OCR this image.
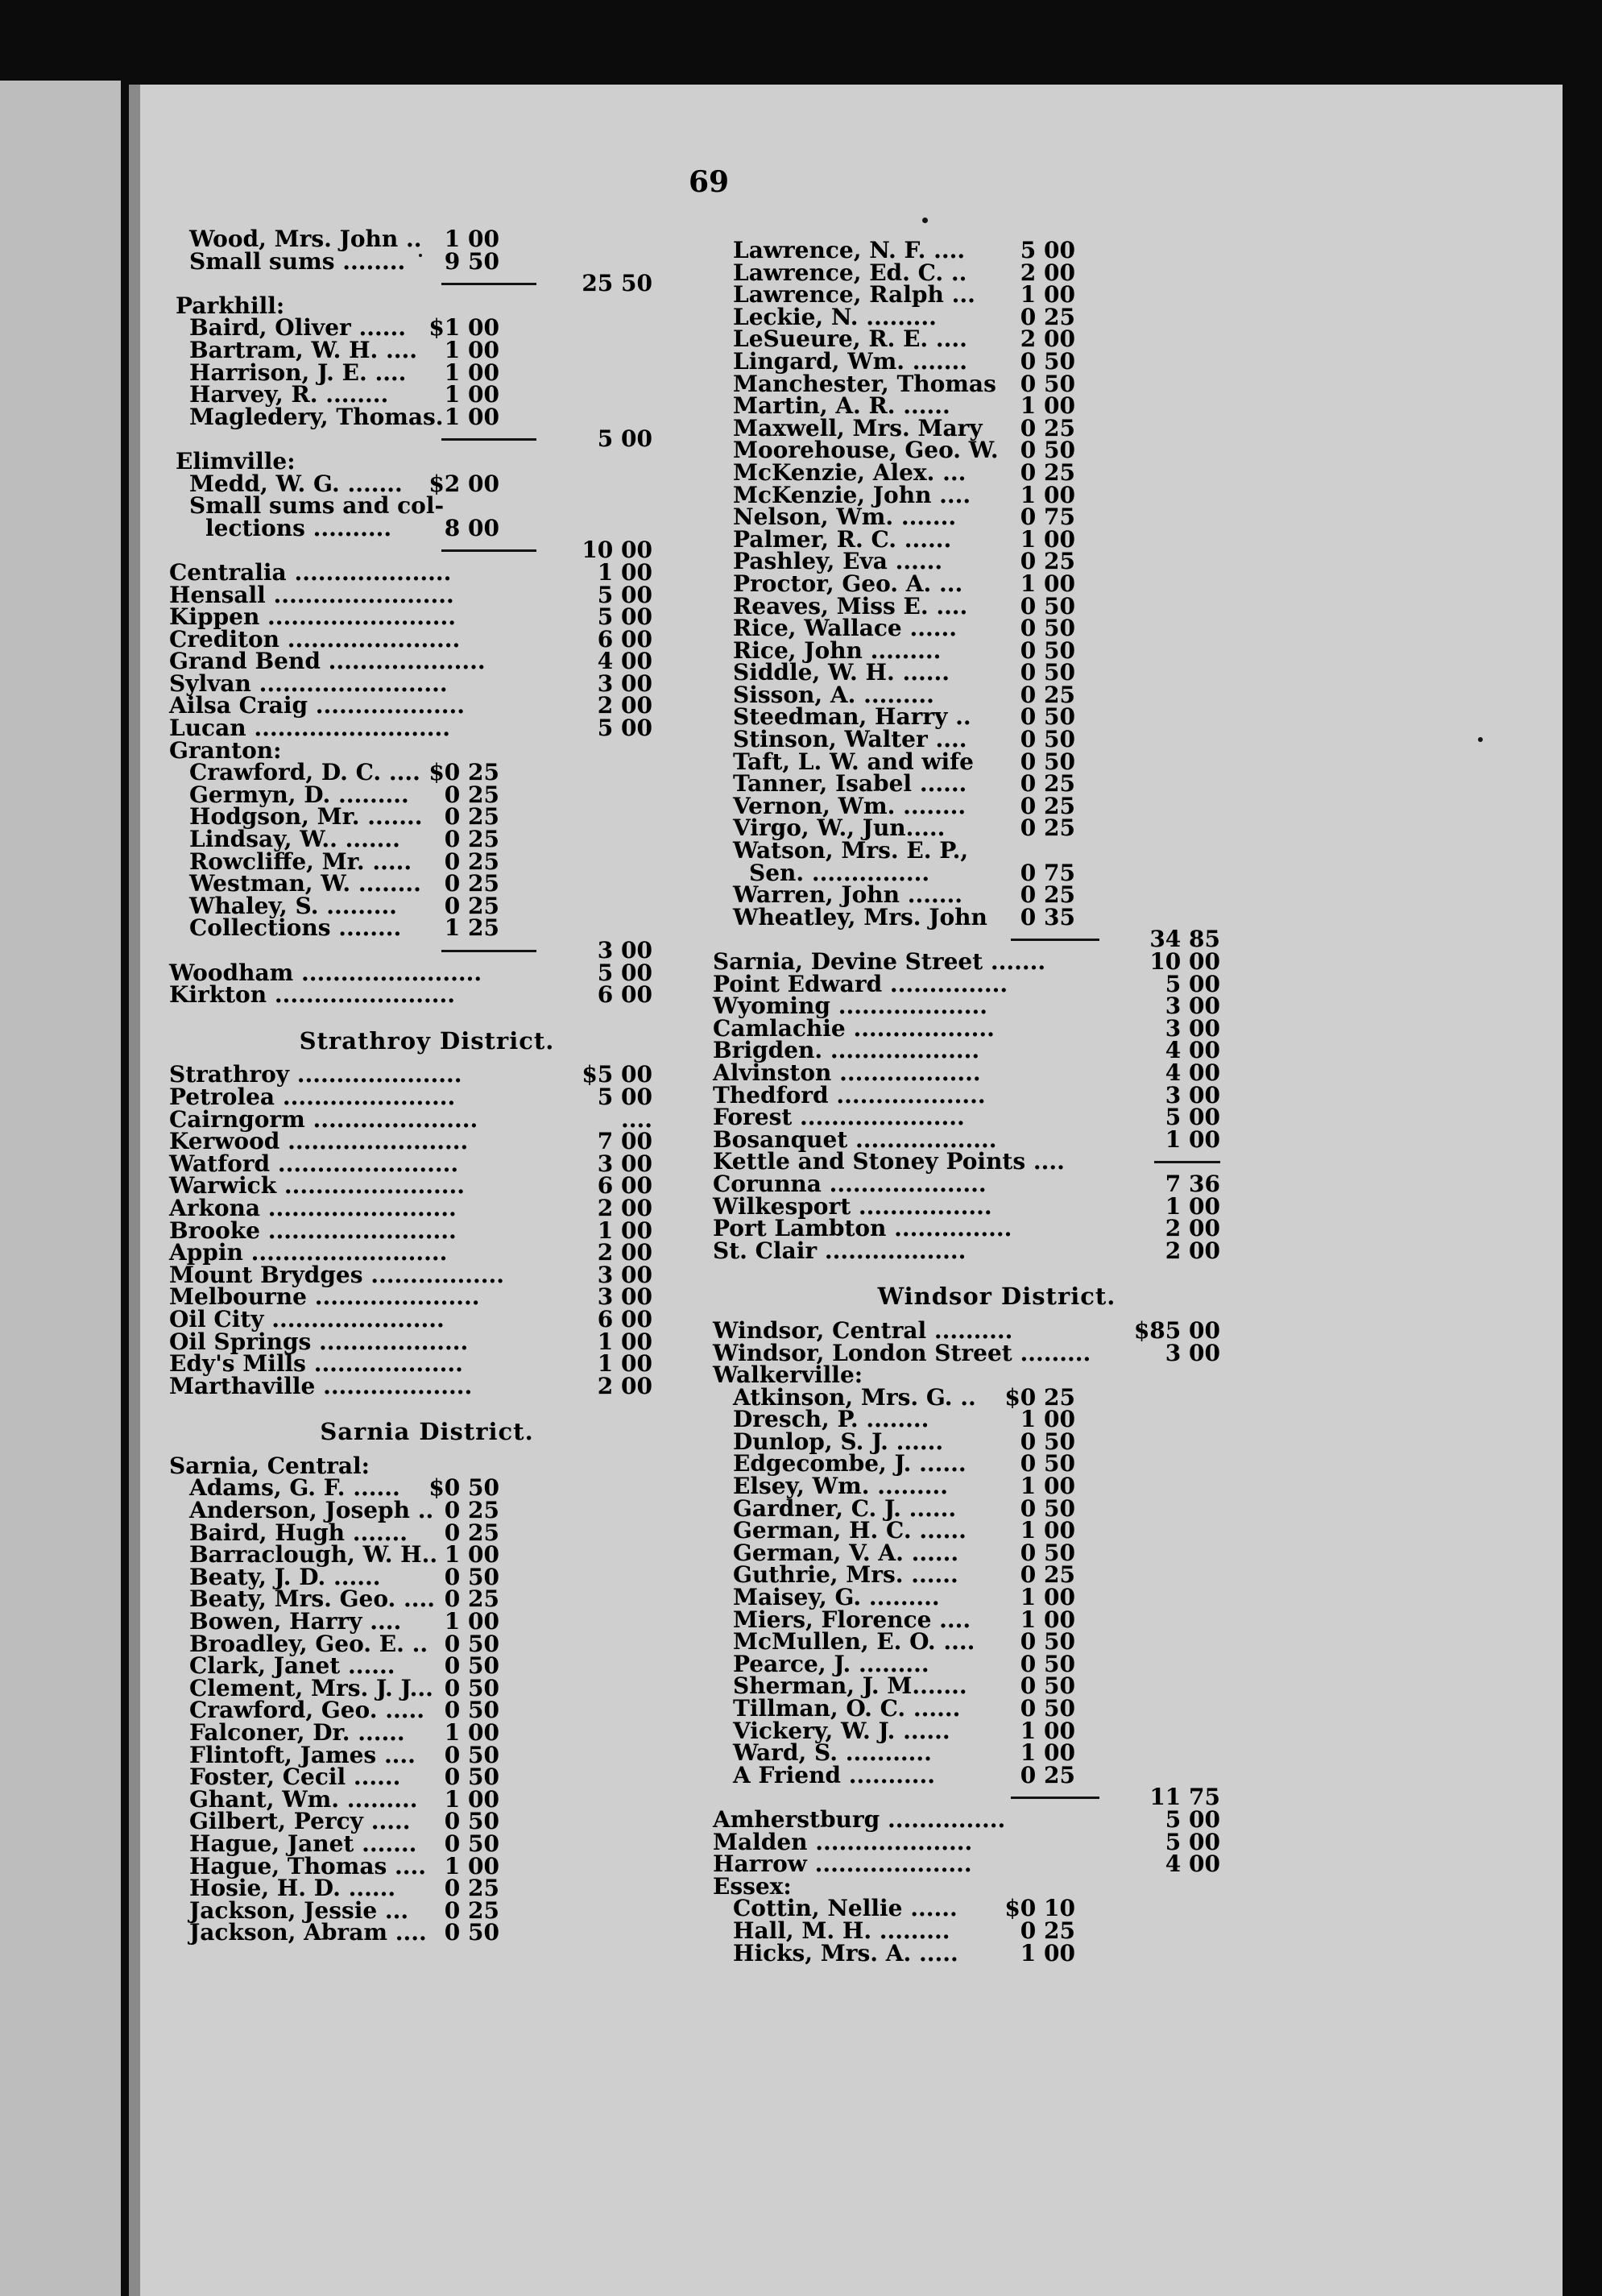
69
Wood, Mrs. John ..	1 00
Small sums ........	9 50
25 50
Parkhill:
Baird, Oliver ......	$1 00
Bartram, W. H. ....	1 00
Harrison, J. E. ....	1 00
Harvey, R. ........	1 00
Magledery, Thomas. 1 00
5 00
Elimville:
Medd, W. G. .......	$2 00
Small sums and col-
lections ..........	8 00
10 00
Centralia ....................	1 00
Hensall .......................	5 00
Kippen ........................	5 00
Crediton ......................	6 00
Grand Bend ....................	4 00
Sylvan ........................	3 00
Ailsa Craig ...................	2 00
Lucan .........................	5 00
Granton:
Crawford, D. C. .... $0 25
Germyn, D. .........	0 25
Hodgson, Mr. ....... 0 25
Lindsay, W.. .......	0 25
Rowcliffe, Mr. .....	0 25
Westman, W. ........	0 25
Whaley, S. .........	0 25
Collections ........	1 25
3 00
Woodham .......................	5 00
Kirkton .......................	6 00
Strathroy District.
Strathroy .....................	$5 00
Petrolea ......................	5 00
Cairngorm .....................	....
Kerwood .......................	7 00
Watford .......................	3 00
Warwick .......................	6 00
Arkona ........................	2 00
Brooke ........................	1 00
Appin .........................	2 00
Mount Brydges .................	3 00
Melbourne .....................	3 00
Oil City ......................	6 00
Oil Springs ...................	1 00
Edy's Mills ...................	1 00
Marthaville ...................	2 00
Sarnia District.
Sarnia, Central:
Adams, G. F. ......	$0 50
Anderson, Joseph .. 0 25
Baird, Hugh .......	0 25
Barraclough, W. H.. 1 00
Beaty, J. D. ......	0 50
Beaty, Mrs. Geo. .... 0 25
Bowen, Harry ....	1 00
Broadley, Geo. E. .. 0 50
Clark, Janet ......	0 50
Clement, Mrs. J. J... 0 50
Crawford, Geo. ..... 0 50
Falconer, Dr. ......	1 00
Flintoft, James ....	0 50
Foster, Cecil ......	0 50
Ghant, Wm. .........	1 00
Gilbert, Percy .....	0 50
Hague, Janet .......	0 50
Hague, Thomas .... 1 00
Hosie, H. D. ......	0 25
Jackson, Jessie ...	0 25
Jackson, Abram .... 0 50
Lawrence, N. F. ....	5 00
Lawrence, Ed. C. ..	2 00
Lawrence, Ralph ...	1 00
Leckie, N. .........	0 25
LeSueure, R. E. ....	2 00
Lingard, Wm. .......	0 50
Manchester, Thomas	0 50
Martin, A. R. ......	1 00
Maxwell, Mrs. Mary	0 25
Moorehouse, Geo. W. 0 50
McKenzie, Alex. ...	0 25
McKenzie, John ....	1 00
Nelson, Wm. .......	0 75
Palmer, R. C. ......	1 00
Pashley, Eva ......	0 25
Proctor, Geo. A. ...	1 00
Reaves, Miss E. ....	0 50
Rice, Wallace ......	0 50
Rice, John .........	0 50
Siddle, W. H. ......	0 50
Sisson, A. .........	0 25
Steedman, Harry ..	0 50
Stinson, Walter ....	0 50
Taft, L. W. and wife	0 50
Tanner, Isabel ......	0 25
Vernon, Wm. ........	0 25
Virgo, W., Jun.....	0 25
Watson, Mrs. E. P.,
Sen. ...............	0 75
Warren, John .......	0 25
Wheatley, Mrs. John	0 35
34 85
Sarnia, Devine Street .......	10 00
Point Edward ...............	5 00
Wyoming ...................	3 00
Camlachie ..................	3 00
Brigden. ...................	4 00
Alvinston ..................	4 00
Thedford ...................	3 00
Forest .....................	5 00
Bosanquet ..................	1 00
Kettle and Stoney Points ....
Corunna ....................	7 36
Wilkesport .................	1 00
Port Lambton ...............	2 00
St. Clair ..................	2 00
Windsor District.
Windsor, Central ..........	$85 00
Windsor, London Street .........	3 00
Walkerville:
Atkinson, Mrs. G. ..	$0 25
Dresch, P. ........	1 00
Dunlop, S. J. ......	0 50
Edgecombe, J. ......	0 50
Elsey, Wm. .........	1 00
Gardner, C. J. ......	0 50
German, H. C. ......	1 00
German, V. A. ......	0 50
Guthrie, Mrs. ......	0 25
Maisey, G. .........	1 00
Miers, Florence ....	1 00
McMullen, E. O. ....	0 50
Pearce, J. .........	0 50
Sherman, J. M.......	0 50
Tillman, O. C. ......	0 50
Vickery, W. J. ......	1 00
Ward, S. ...........	1 00
A Friend ...........	0 25
11 75
Amherstburg ...............	5 00
Malden ....................	5 00
Harrow ....................	4 00
Essex:
Cottin, Nellie ......	$0 10
Hall, M. H. .........	0 25
Hicks, Mrs. A. .....	1 00
